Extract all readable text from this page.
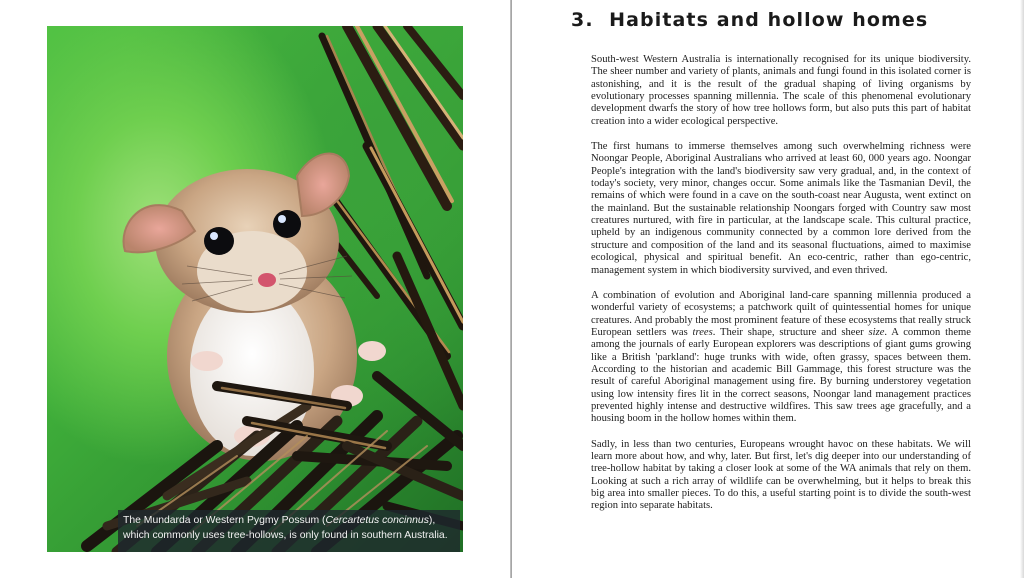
The Mundarda or Western Pygmy Possum (Cercartetus concinnus), which commonly uses tree-hollows, is only found in southern Australia.
3. Habitats and hollow homes

South-west Western Australia is internationally recognised for its unique biodiversity. The sheer number and variety of plants, animals and fungi found in this isolated corner is astonishing, and it is the result of the gradual shaping of living organisms by evolutionary processes spanning millennia. The scale of this phenomenal evolutionary development dwarfs the story of how tree hollows form, but also puts this part of habitat creation into a wider ecological perspective.

The first humans to immerse themselves among such overwhelming richness were Noongar People, Aboriginal Australians who arrived at least 60, 000 years ago. Noongar People's integration with the land's biodiversity saw very gradual, and, in the context of today's society, very minor, changes occur. Some animals like the Tasmanian Devil, the remains of which were found in a cave on the south-coast near Augusta, went extinct on the mainland. But the sustainable relationship Noongars forged with Country saw most creatures nurtured, with fire in particular, at the landscape scale. This cultural practice, upheld by an indigenous community connected by a common lore derived from the structure and composition of the land and its seasonal fluctuations, aimed to maximise ecological, physical and spiritual benefit. An eco-centric, rather than ego-centric, management system in which biodiversity survived, and even thrived.

A combination of evolution and Aboriginal land-care spanning millennia produced a wonderful variety of ecosystems; a patchwork quilt of quintessential homes for unique creatures. And probably the most prominent feature of these ecosystems that really struck European settlers was trees. Their shape, structure and sheer size. A common theme among the journals of early European explorers was descriptions of giant gums growing like a British 'parkland': huge trunks with wide, often grassy, spaces between them. According to the historian and academic Bill Gammage, this forest structure was the result of careful Aboriginal management using fire. By burning understorey vegetation using low intensity fires lit in the correct seasons, Noongar land management practices prevented highly intense and destructive wildfires. This saw trees age gracefully, and a housing boom in the hollow homes within them.

Sadly, in less than two centuries, Europeans wrought havoc on these habitats. We will learn more about how, and why, later. But first, let's dig deeper into our understanding of tree-hollow habitat by taking a closer look at some of the WA animals that rely on them. Looking at such a rich array of wildlife can be overwhelming, but it helps to break this big area into smaller pieces. To do this, a useful starting point is to divide the south-west region into separate habitats.
